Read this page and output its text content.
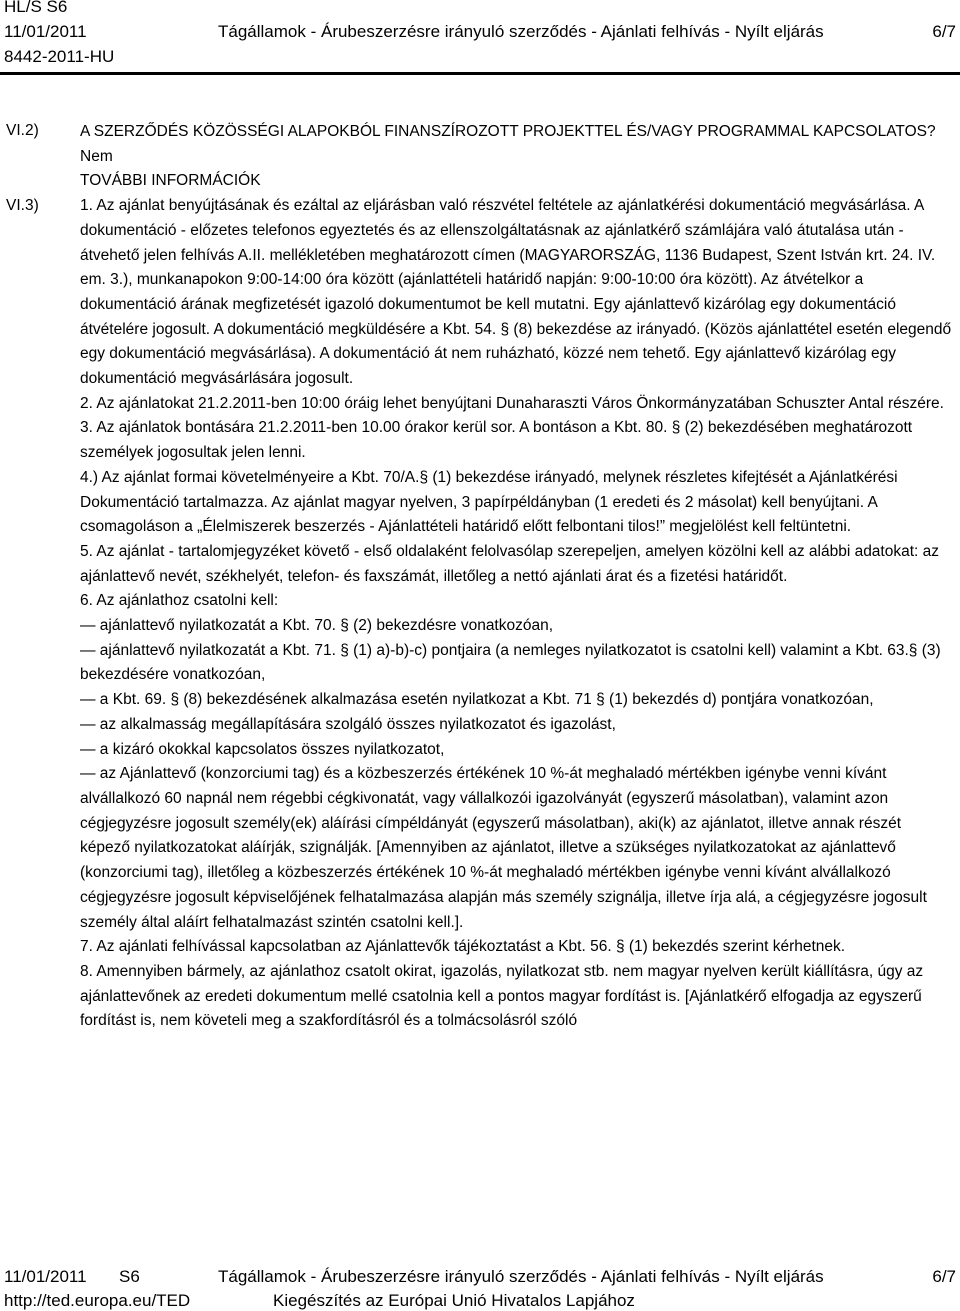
HL/S S6
11/01/2011	Tágállamok - Árubeszerzésre irányuló szerződés - Ajánlati felhívás - Nyílt eljárás	6/7
8442-2011-HU
VI.2)
VI.3)

A SZERZŐDÉS KÖZÖSSÉGI ALAPOKBÓL FINANSZÍROZOTT PROJEKTTEL ÉS/VAGY PROGRAMMAL KAPCSOLATOS?

Nem

TOVÁBBI INFORMÁCIÓK

1. Az ajánlat benyújtásának és ezáltal az eljárásban való részvétel feltétele az ajánlatkérési dokumentáció megvásárlása. A dokumentáció - előzetes telefonos egyeztetés és az ellenszolgáltatásnak az ajánlatkérő számlájára való átutalása után - átvehető jelen felhívás A.II. mellékletében meghatározott címen (MAGYARORSZÁG, 1136 Budapest, Szent István krt. 24. IV. em. 3.), munkanapokon 9:00-14:00 óra között (ajánlattételi határidő napján: 9:00-10:00 óra között). Az átvételkor a dokumentáció árának megfizetését igazoló dokumentumot be kell mutatni. Egy ajánlattevő kizárólag egy dokumentáció átvételére jogosult. A dokumentáció megküldésére a Kbt. 54. § (8) bekezdése az irányadó. (Közös ajánlattétel esetén elegendő egy dokumentáció megvásárlása). A dokumentáció át nem ruházható, közzé nem tehető. Egy ajánlattevő kizárólag egy dokumentáció megvásárlására jogosult.

2. Az ajánlatokat 21.2.2011-ben 10:00 óráig lehet benyújtani Dunaharaszti Város Önkormányzatában Schuszter Antal részére.

3. Az ajánlatok bontására 21.2.2011-ben 10.00 órakor kerül sor. A bontáson a Kbt. 80. § (2) bekezdésében meghatározott személyek jogosultak jelen lenni.

4.) Az ajánlat formai követelményeire a Kbt. 70/A.§ (1) bekezdése irányadó, melynek részletes kifejtését a Ajánlatkérési Dokumentáció tartalmazza. Az ajánlat magyar nyelven, 3 papírpéldányban (1 eredeti és 2 másolat) kell benyújtani. A csomagoláson a „Élelmiszerek beszerzés - Ajánlattételi határidő előtt felbontani tilos!” megjelölést kell feltüntetni.

5. Az ajánlat - tartalomjegyzéket követő - első oldalaként felolvasólap szerepeljen, amelyen közölni kell az alábbi adatokat: az ajánlattevő nevét, székhelyét, telefon- és faxszámát, illetőleg a nettó ajánlati árat és a fizetési határidőt.

6. Az ajánlathoz csatolni kell:

— ajánlattevő nyilatkozatát a Kbt. 70. § (2) bekezdésre vonatkozóan,

— ajánlattevő nyilatkozatát a Kbt. 71. § (1) a)-b)-c) pontjaira (a nemleges nyilatkozatot is csatolni kell) valamint a Kbt. 63.§ (3) bekezdésére vonatkozóan,

— a Kbt. 69. § (8) bekezdésének alkalmazása esetén nyilatkozat a Kbt. 71 § (1) bekezdés d) pontjára vonatkozóan,

— az alkalmasság megállapítására szolgáló összes nyilatkozatot és igazolást,

— a kizáró okokkal kapcsolatos összes nyilatkozatot,

— az Ajánlattevő (konzorciumi tag) és a közbeszerzés értékének 10 %-át meghaladó mértékben igénybe venni kívánt alvállalkozó 60 napnál nem régebbi cégkivonatát, vagy vállalkozói igazolványát (egyszerű másolatban), valamint azon cégjegyzésre jogosult személy(ek) aláírási címpéldányát (egyszerű másolatban), aki(k) az ajánlatot, illetve annak részét képező nyilatkozatokat aláírják, szignálják. [Amennyiben az ajánlatot, illetve a szükséges nyilatkozatokat az ajánlattevő (konzorciumi tag), illetőleg a közbeszerzés értékének 10 %-át meghaladó mértékben igénybe venni kívánt alvállalkozó cégjegyzésre jogosult képviselőjének felhatalmazása alapján más személy szignálja, illetve írja alá, a cégjegyzésre jogosult személy által aláírt felhatalmazást szintén csatolni kell.].

7. Az ajánlati felhívással kapcsolatban az Ajánlattevők tájékoztatást a Kbt. 56. § (1) bekezdés szerint kérhetnek.

8. Amennyiben bármely, az ajánlathoz csatolt okirat, igazolás, nyilatkozat stb. nem magyar nyelven került kiállításra, úgy az ajánlattevőnek az eredeti dokumentum mellé csatolnia kell a pontos magyar fordítást is. [Ajánlatkérő elfogadja az egyszerű fordítást is, nem követeli meg a szakfordításról és a tolmácsolásról szóló

11/01/2011 S6	Tágállamok - Árubeszerzésre irányuló szerződés - Ajánlati felhívás - Nyílt eljárás	6/7
http://ted.europa.eu/TED	Kiegészítés az Európai Unió Hivatalos Lapjához
